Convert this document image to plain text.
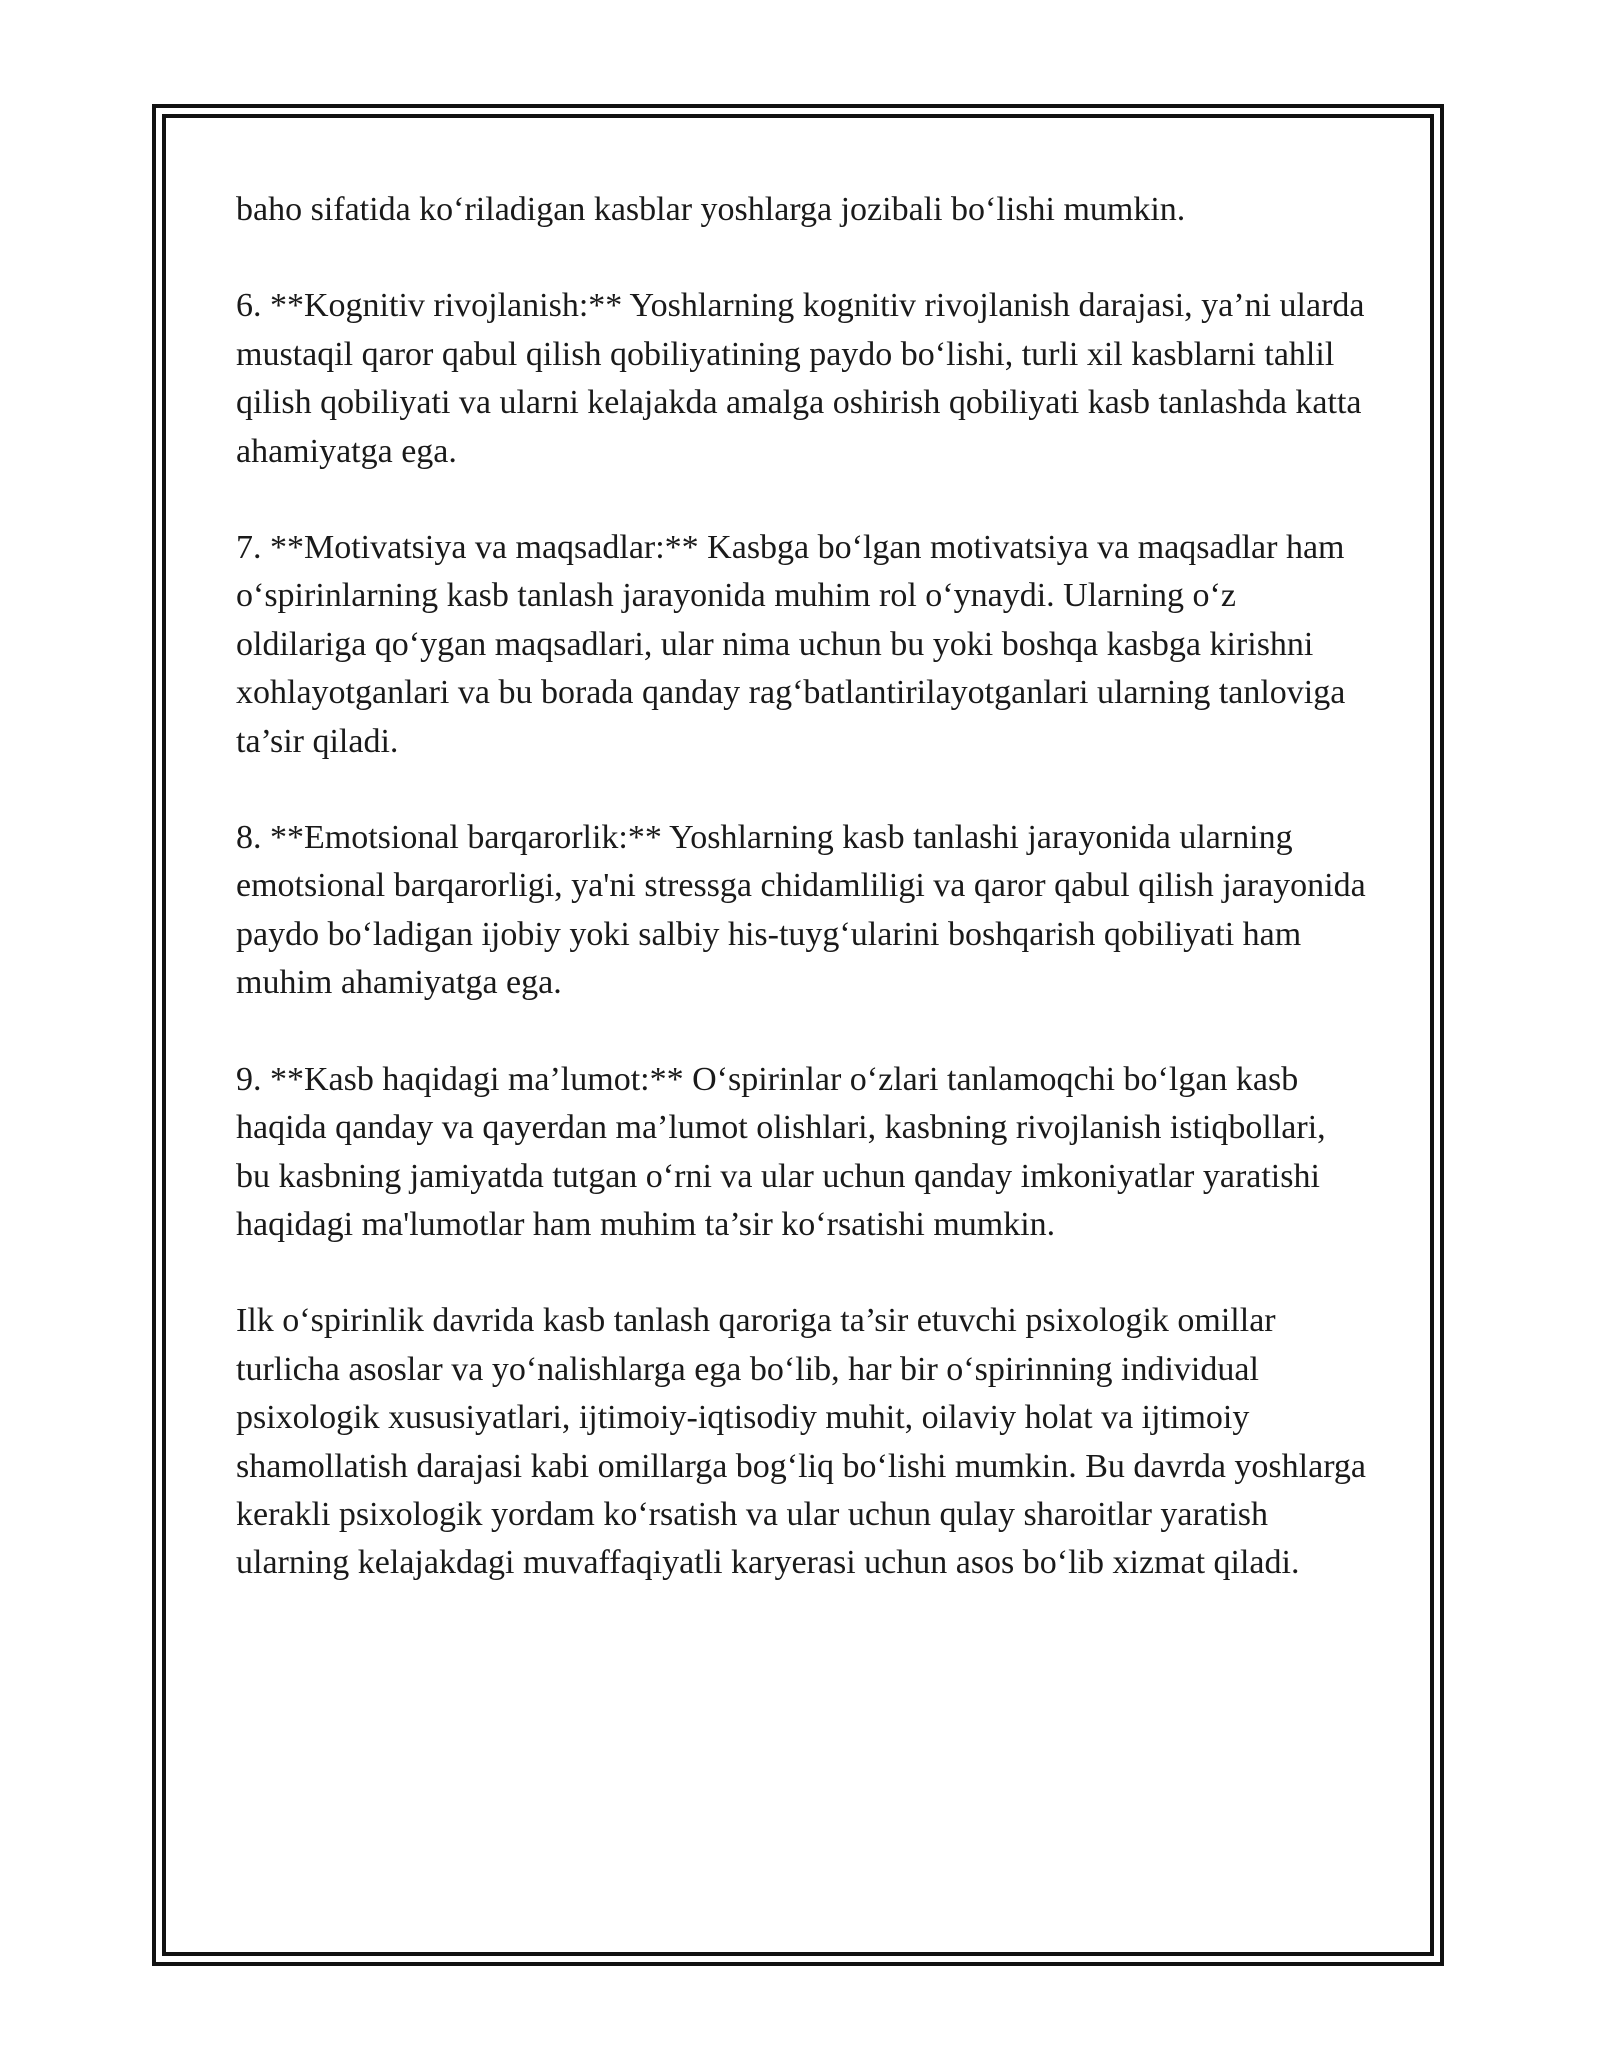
baho sifatida ko‘riladigan kasblar yoshlarga jozibali bo‘lishi mumkin.

6. **Kognitiv rivojlanish:** Yoshlarning kognitiv rivojlanish darajasi, ya’ni ularda mustaqil qaror qabul qilish qobiliyatining paydo bo‘lishi, turli xil kasblarni tahlil qilish qobiliyati va ularni kelajakda amalga oshirish qobiliyati kasb tanlashda katta ahamiyatga ega.

7. **Motivatsiya va maqsadlar:** Kasbga bo‘lgan motivatsiya va maqsadlar ham o‘spirinlarning kasb tanlash jarayonida muhim rol o‘ynaydi. Ularning o‘z oldilariga qo‘ygan maqsadlari, ular nima uchun bu yoki boshqa kasbga kirishni xohlayotganlari va bu borada qanday rag‘batlantirilayotganlari ularning tanloviga ta’sir qiladi.

8. **Emotsional barqarorlik:** Yoshlarning kasb tanlashi jarayonida ularning emotsional barqarorligi, ya'ni stressga chidamliligi va qaror qabul qilish jarayonida paydo bo‘ladigan ijobiy yoki salbiy his-tuyg‘ularini boshqarish qobiliyati ham muhim ahamiyatga ega.

9. **Kasb haqidagi ma’lumot:** O‘spirinlar o‘zlari tanlamoqchi bo‘lgan kasb haqida qanday va qayerdan ma’lumot olishlari, kasbning rivojlanish istiqbollari, bu kasbning jamiyatda tutgan o‘rni va ular uchun qanday imkoniyatlar yaratishi haqidagi ma'lumotlar ham muhim ta’sir ko‘rsatishi mumkin.

Ilk o‘spirinlik davrida kasb tanlash qaroriga ta’sir etuvchi psixologik omillar turlicha asoslar va yo‘nalishlarga ega bo‘lib, har bir o‘spirinning individual psixologik xususiyatlari, ijtimoiy-iqtisodiy muhit, oilaviy holat va ijtimoiy shamollatish darajasi kabi omillarga bog‘liq bo‘lishi mumkin. Bu davrda yoshlarga kerakli psixologik yordam ko‘rsatish va ular uchun qulay sharoitlar yaratish ularning kelajakdagi muvaffaqiyatli karyerasi uchun asos bo‘lib xizmat qiladi.
